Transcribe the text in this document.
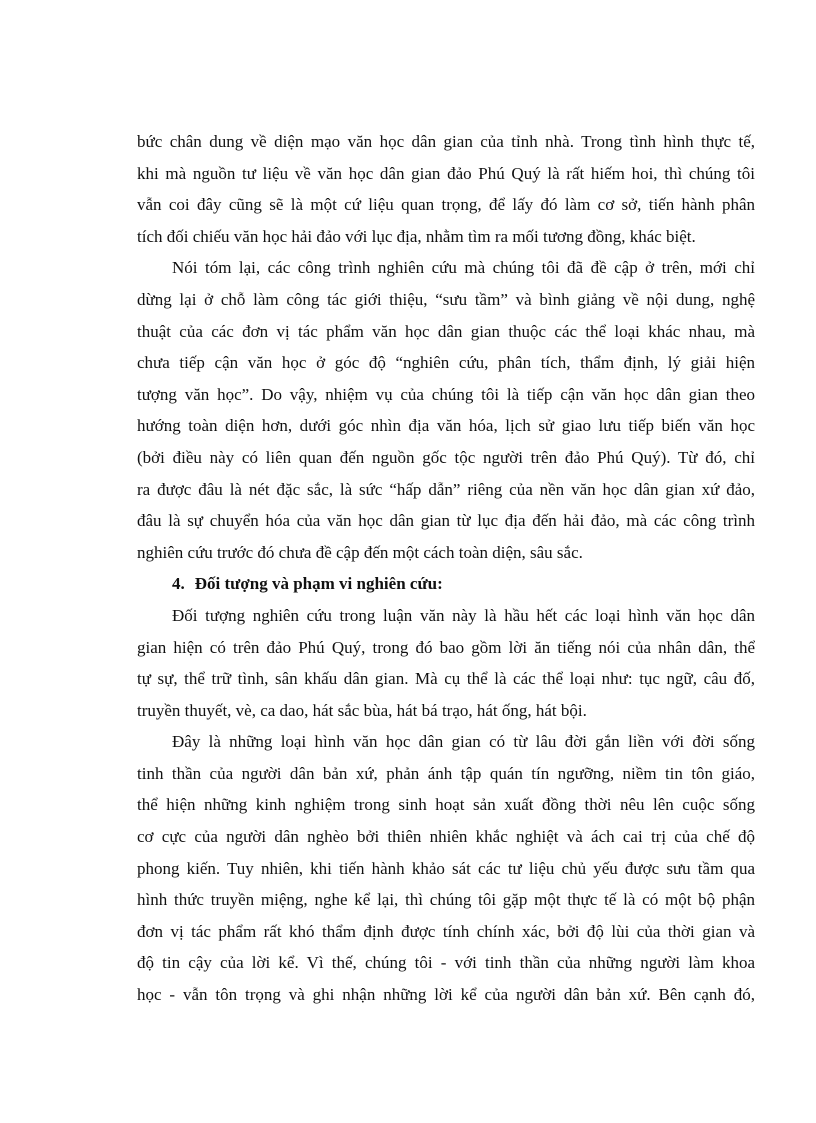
bức chân dung về diện mạo văn học dân gian của tỉnh nhà. Trong tình hình thực tế,
khi mà nguồn tư liệu về văn học dân gian đảo Phú Quý là rất hiếm hoi, thì chúng tôi
vẫn coi đây cũng sẽ là một cứ liệu quan trọng, để lấy đó làm cơ sở, tiến hành phân
tích đối chiếu văn học hải đảo với lục địa, nhằm tìm ra mối tương đồng, khác biệt.
Nói tóm lại, các công trình nghiên cứu mà chúng tôi đã đề cập ở trên, mới chỉ
dừng lại ở chỗ làm công tác giới thiệu, “sưu tầm” và bình giảng về nội dung, nghệ
thuật của các đơn vị tác phẩm văn học dân gian thuộc các thể loại khác nhau, mà
chưa tiếp cận văn học ở góc độ “nghiên cứu, phân tích, thẩm định, lý giải hiện
tượng văn học”. Do vậy, nhiệm vụ của chúng tôi là tiếp cận văn học dân gian theo
hướng toàn diện hơn, dưới góc nhìn địa văn hóa, lịch sử giao lưu tiếp biến văn học
(bởi điều này có liên quan đến nguồn gốc tộc người trên đảo Phú Quý). Từ đó, chỉ
ra được đâu là nét đặc sắc, là sức “hấp dẫn” riêng của nền văn học dân gian xứ đảo,
đâu là sự chuyển hóa của văn học dân gian từ lục địa đến hải đảo, mà các công trình
nghiên cứu trước đó chưa đề cập đến một cách toàn diện, sâu sắc.
4. Đối tượng và phạm vi nghiên cứu:
Đối tượng nghiên cứu trong luận văn này là hầu hết các loại hình văn học dân
gian hiện có trên đảo Phú Quý, trong đó bao gồm lời ăn tiếng nói của nhân dân, thể
tự sự, thể trữ tình, sân khấu dân gian. Mà cụ thể là các thể loại như: tục ngữ, câu đố,
truyền thuyết, vè, ca dao, hát sắc bùa, hát bá trạo, hát ống, hát bội.
Đây là những loại hình văn học dân gian có từ lâu đời gắn liền với đời sống
tinh thần của người dân bản xứ, phản ánh tập quán tín ngưỡng, niềm tin tôn giáo,
thể hiện những kinh nghiệm trong sinh hoạt sản xuất đồng thời nêu lên cuộc sống
cơ cực của người dân nghèo bởi thiên nhiên khắc nghiệt và ách cai trị của chế độ
phong kiến. Tuy nhiên, khi tiến hành khảo sát các tư liệu chủ yếu được sưu tầm qua
hình thức truyền miệng, nghe kể lại, thì chúng tôi gặp một thực tế là có một bộ phận
đơn vị tác phẩm rất khó thẩm định được tính chính xác, bởi độ lùi của thời gian và
độ tin cậy của lời kể. Vì thế, chúng tôi - với tinh thần của những người làm khoa
học - vẫn tôn trọng và ghi nhận những lời kể của người dân bản xứ. Bên cạnh đó,
